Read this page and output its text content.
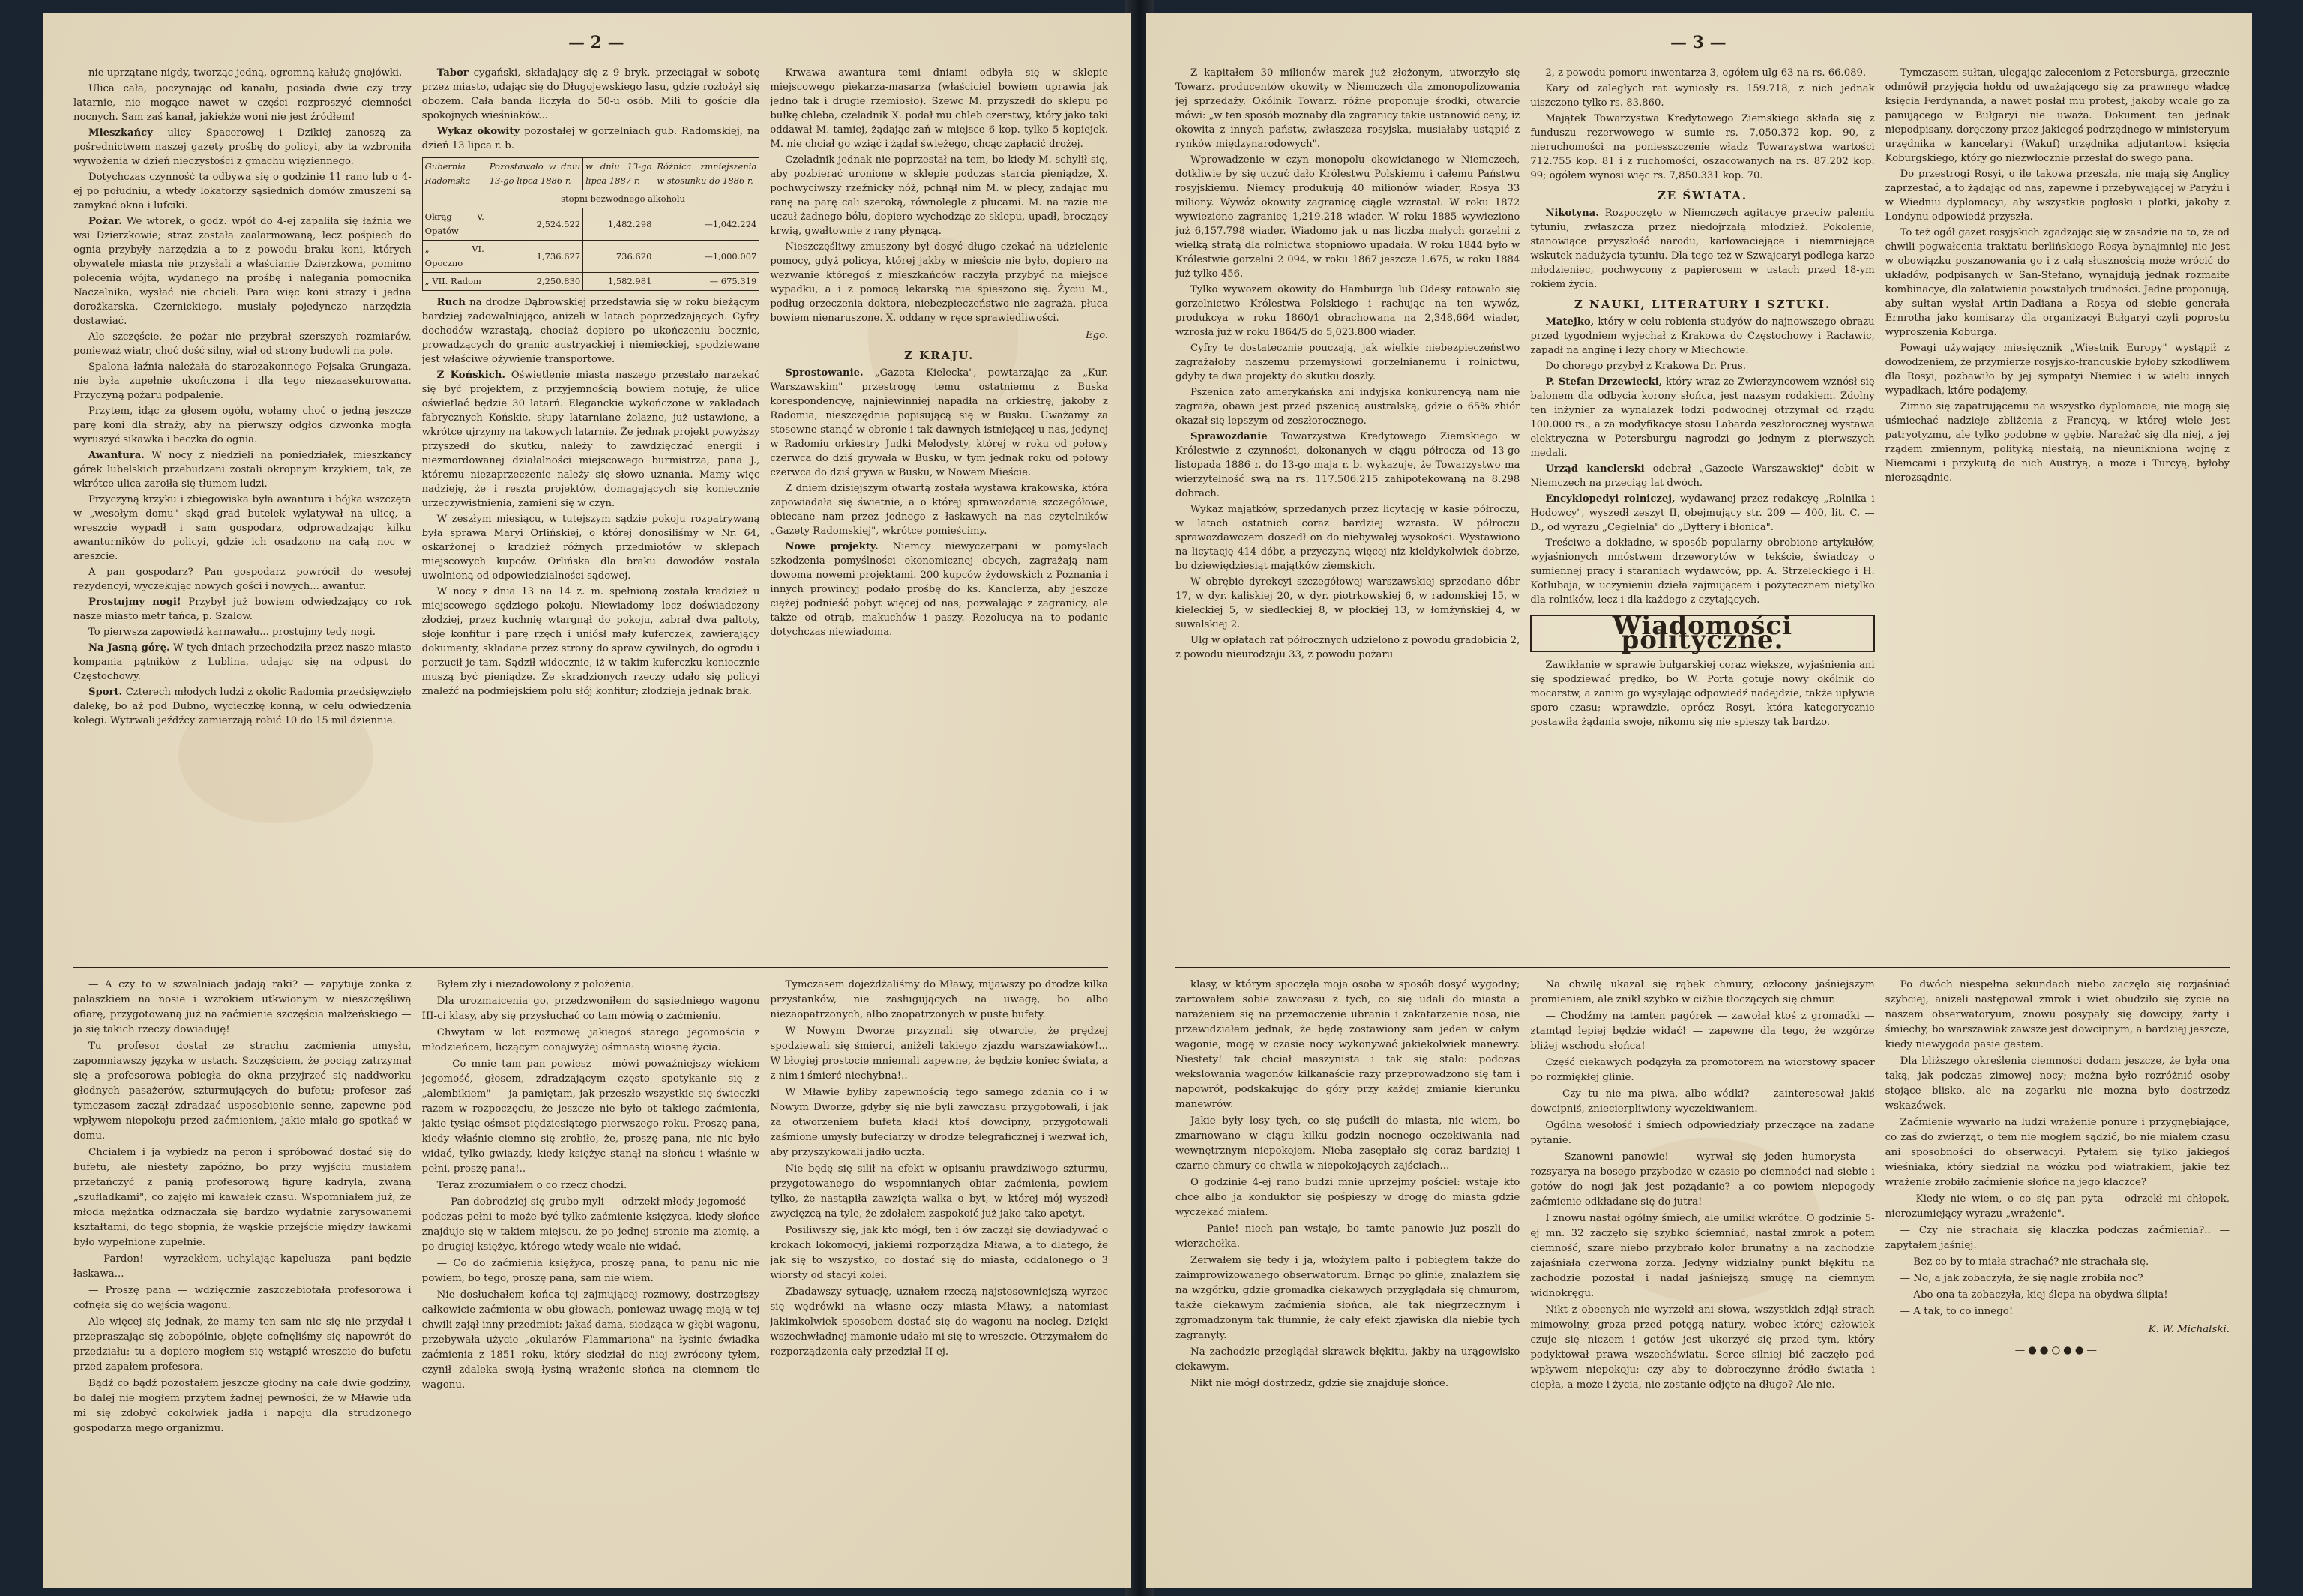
— 2 —

nie uprzątane nigdy, tworząc jedną, ogromną kałużę gnojówki.

Ulica cała, poczynając od kanału, posiada dwie czy trzy latarnie, nie mogące nawet w części rozproszyć ciemności nocnych. Sam zaś kanał, jakiekże woni nie jest źródłem!

Mieszkańcy ulicy Spacerowej i Dzikiej zanoszą za pośrednictwem naszej gazety prośbę do policyi, aby ta wzbroniła wywożenia w dzień nieczystości z gmachu więziennego.

Dotychczas czynność ta odbywa się o godzinie 11 rano lub o 4-ej po południu, a wtedy lokatorzy sąsiednich domów zmuszeni są zamykać okna i lufciki.

Pożar. We wtorek, o godz. wpół do 4-ej zapaliła się łaźnia we wsi Dzierzkowie; straż została zaalarmowaną, lecz pośpiech do ognia przybyły narzędzia a to z powodu braku koni, których obywatele miasta nie przysłali a właścianie Dzierzkowa, pomimo polecenia wójta, wydanego na prośbę i nalegania pomocnika Naczelnika, wysłać nie chcieli. Para więc koni strazy i jedna dorożkarska, Czernickiego, musiały pojedynczo narzędzia dostawiać.

Ale szczęście, że pożar nie przybrał szerszych rozmiarów, ponieważ wiatr, choć dość silny, wiał od strony budowli na pole.

Spalona łaźnia należała do starozakonnego Pejsaka Grungaza, nie była zupełnie ukończona i dla tego niezaasekurowana. Przyczyną pożaru podpalenie.

Przytem, idąc za głosem ogółu, wołamy choć o jedną jeszcze parę koni dla straży, aby na pierwszy odgłos dzwonka mogła wyruszyć sikawka i beczka do ognia.

Awantura. W nocy z niedzieli na poniedziałek, mieszkańcy górek lubelskich przebudzeni zostali okropnym krzykiem, tak, że wkrótce ulica zaroiła się tłumem ludzi.

Przyczyną krzyku i zbiegowiska była awantura i bójka wszczęta w „wesołym domu" skąd grad butelek wylatywał na ulicę, a wreszcie wypadł i sam gospodarz, odprowadzając kilku awanturników do policyi, gdzie ich osadzono na całą noc w areszcie.

A pan gospodarz? Pan gospodarz powrócił do wesołej rezydencyi, wyczekując nowych gości i nowych... awantur.

Prostujmy nogi! Przybył już bowiem odwiedzający co rok nasze miasto metr tańca, p. Szalow.

To pierwsza zapowiedź karnawału... prostujmy tedy nogi.

Na Jasną górę. W tych dniach przechodziła przez nasze miasto kompania pątników z Lublina, udając się na odpust do Częstochowy.

Sport. Czterech młodych ludzi z okolic Radomia przedsięwzięło dalekę, bo aż pod Dubno, wycieczkę konną, w celu odwiedzenia kolegi. Wytrwali jeźdźcy zamierzają robić 10 do 15 mil dziennie.

Tabor cygański, składający się z 9 bryk, przeciągał w sobotę przez miasto, udając się do Długojewskiego lasu, gdzie rozłożył się obozem. Cała banda liczyła do 50-u osób. Mili to goście dla spokojnych wieśniaków...

Wykaz okowity pozostałej w gorzelniach gub. Radomskiej, na dzień 13 lipca r. b.

Gubernia Radomska	Pozostawało w dniu 13-go lipca 1886 r.	w dniu 13-go lipca 1887 r.	Różnica zmniejszenia w stosunku do 1886 r.
	stopni bezwodnego alkoholu		
Okrąg V. Opatów	2,524.522	1,482.298	—1,042.224
„ VI. Opoczno	1,736.627	736.620	—1,000.007
„ VII. Radom	2,250.830	1,582.981	— 675.319

Ruch na drodze Dąbrowskiej przedstawia się w roku bieżącym bardziej zadowalniająco, aniżeli w latach poprzedzających. Cyfry dochodów wzrastają, chociaż dopiero po ukończeniu bocznic, prowadzących do granic austryackiej i niemieckiej, spodziewane jest właściwe ożywienie transportowe.

Z Końskich. Oświetlenie miasta naszego przestało narzekać się być projektem, z przyjemnością bowiem notuję, że ulice oświetlać będzie 30 latarń. Eleganckie wykończone w zakładach fabrycznych Końskie, słupy latarniane żelazne, już ustawione, a wkrótce ujrzymy na takowych latarnie. Że jednak projekt powyższy przyszedł do skutku, należy to zawdzięczać energii i niezmordowanej działalności miejscowego burmistrza, pana J., któremu niezaprzeczenie należy się słowo uznania. Mamy więc nadzieję, że i reszta projektów, domagających się koniecznie urzeczywistnienia, zamieni się w czyn.

W zeszłym miesiącu, w tutejszym sądzie pokoju rozpatrywaną była sprawa Maryi Orlińskiej, o której donosiliśmy w Nr. 64, oskarżonej o kradzież różnych przedmiotów w sklepach miejscowych kupców. Orlińska dla braku dowodów została uwolnioną od odpowiedzialności sądowej.

W nocy z dnia 13 na 14 z. m. spełnioną została kradzież u miejscowego sędziego pokoju. Niewiadomy lecz doświadczony złodziej, przez kuchnię wtargnął do pokoju, zabrał dwa paltoty, słoje konfitur i parę rzęch i uniósł mały kuferczek, zawierający dokumenty, składane przez strony do spraw cywilnych, do ogrodu i porzucił je tam. Sądził widocznie, iż w takim kuferczku koniecznie muszą być pieniądze. Ze skradzionych rzeczy udało się policyi znaleźć na podmiejskiem polu słój konfitur; złodzieja jednak brak.

Krwawa awantura temi dniami odbyła się w sklepie miejscowego piekarza-masarza (właściciel bowiem uprawia jak jedno tak i drugie rzemiosło). Szewc M. przyszedł do sklepu po bułkę chleba, czeladnik X. podał mu chleb czerstwy, który jako taki oddawał M. tamiej, żądając zań w miejsce 6 kop. tylko 5 kopiejek. M. nie chciał go wziąć i żądał świeżego, chcąc zapłacić drożej.

Czeladnik jednak nie poprzestał na tem, bo kiedy M. schylił się, aby pozbierać uronione w sklepie podczas starcia pieniądze, X. pochwyciwszy rzeźnicky nóż, pchnął nim M. w plecy, zadając mu ranę na parę cali szeroką, równoległe z płucami. M. na razie nie uczuł żadnego bólu, dopiero wychodząc ze sklepu, upadł, broczący krwią, gwałtownie z rany płynącą.

Nieszczęśliwy zmuszony był dosyć długo czekać na udzielenie pomocy, gdyż policya, której jakby w mieście nie było, dopiero na wezwanie któregoś z mieszkańców raczyła przybyć na miejsce wypadku, a i z pomocą lekarską nie śpieszono się. Życiu M., podług orzeczenia doktora, niebezpieczeństwo nie zagraża, płuca bowiem nienaruszone. X. oddany w ręce sprawiedliwości.

Ego.
Z KRAJU.

Sprostowanie. „Gazeta Kielecka", powtarzając za „Kur. Warszawskim" przestrogę temu ostatniemu z Buska korespondencyę, najniewinniej napadła na orkiestrę, jakoby z Radomia, nieszczędnie popisującą się w Busku. Uważamy za stosowne stanąć w obronie i tak dawnych istniejącej u nas, jedynej w Radomiu orkiestry Judki Melodysty, której w roku od połowy czerwca do dziś grywała w Busku, w tym jednak roku od połowy czerwca do dziś grywa w Busku, w Nowem Mieście.

Z dniem dzisiejszym otwartą została wystawa krakowska, która zapowiadała się świetnie, a o której sprawozdanie szczegółowe, obiecane nam przez jednego z łaskawych na nas czytelników „Gazety Radomskiej", wkrótce pomieścimy.

Nowe projekty. Niemcy niewyczerpani w pomysłach szkodzenia pomyślności ekonomicznej obcych, zagrażają nam dowoma nowemi projektami. 200 kupców żydowskich z Poznania i innych prowincyj podało prośbę do ks. Kanclerza, aby jeszcze ciężej podnieść pobyt więcej od nas, pozwalając z zagranicy, ale także od otrąb, makuchów i paszy. Rezolucya na to podanie dotychczas niewiadoma.

— A czy to w szwalniach jadają raki? — zapytuje żonka z pałaszkiem na nosie i wzrokiem utkwionym w nieszczęśliwą ofiarę, przygotowaną już na zaćmienie szczęścia małżeńskiego — ja się takich rzeczy dowiaduję!

Tu profesor dostał ze strachu zaćmienia umysłu, zapomniawszy języka w ustach. Szczęściem, że pociąg zatrzymał się a profesorowa pobiegła do okna przyjrzeć się naddworku głodnych pasażerów, szturmujących do bufetu; profesor zaś tymczasem zaczął zdradzać usposobienie senne, zapewne pod wpływem niepokoju przed zaćmieniem, jakie miało go spotkać w domu.

Chciałem i ja wybiedz na peron i spróbować dostać się do bufetu, ale niestety zapóźno, bo przy wyjściu musiałem przetańczyć z panią profesorową figurę kadryla, zwaną „szufladkami", co zajęło mi kawałek czasu. Wspomniałem już, że młoda mężatka odznaczała się bardzo wydatnie zarysowanemi kształtami, do tego stopnia, że wąskie przejście między ławkami było wypełnione zupełnie.

— Pardon! — wyrzekłem, uchylając kapelusza — pani będzie łaskawa...

— Proszę pana — wdzięcznie zaszczebiotała profesorowa i cofnęła się do wejścia wagonu.

Ale więcej się jednak, że mamy ten sam nic się nie przydał i przepraszając się zobopólnie, objęte cofnęliśmy się napowrót do przedziału: tu a dopiero mogłem się wstąpić wreszcie do bufetu przed zapałem profesora.

Bądź co bądź pozostałem jeszcze głodny na całe dwie godziny, bo dalej nie mogłem przytem żadnej pewności, że w Mławie uda mi się zdobyć cokolwiek jadła i napoju dla strudzonego gospodarza mego organizmu.

Byłem zły i niezadowolony z położenia.

Dla urozmaicenia go, przedzwoniłem do sąsiedniego wagonu III-ci klasy, aby się przysłuchać co tam mówią o zaćmieniu.

Chwytam w lot rozmowę jakiegoś starego jegomościa z młodzieńcem, liczącym conajwyżej ośmnastą wiosnę życia.

— Co mnie tam pan powiesz — mówi powaźniejszy wiekiem jegomość, głosem, zdradzającym często spotykanie się z „alembikiem" — ja pamiętam, jak przeszło wszystkie się świeczki razem w rozpoczęciu, że jeszcze nie było ot takiego zaćmienia, jakie tysiąc ośmset piędziesiątego pierwszego roku. Proszę pana, kiedy właśnie ciemno się zrobiło, że, proszę pana, nie nic było widać, tylko gwiazdy, kiedy księżyc stanął na słońcu i właśnie w pełni, proszę pana!..

Teraz zrozumiałem o co rzecz chodzi.

— Pan dobrodziej się grubo myli — odrzekł młody jegomość — podczas pełni to może być tylko zaćmienie księżyca, kiedy słońce znajduje się w takiem miejscu, że po jednej stronie ma ziemię, a po drugiej księżyc, którego wtedy wcale nie widać.

— Co do zaćmienia księżyca, proszę pana, to panu nic nie powiem, bo tego, proszę pana, sam nie wiem.

Nie dosłuchałem końca tej zajmującej rozmowy, dostrzegłszy całkowicie zaćmienia w obu głowach, ponieważ uwagę moją w tej chwili zajął inny przedmiot: jakaś dama, siedząca w głębi wagonu, przebywała użycie „okularów Flammariona" na łysinie świadka zaćmienia z 1851 roku, który siedział do niej zwrócony tyłem, czynił zdaleka swoją łysiną wrażenie słońca na ciemnem tle wagonu.

Tymczasem dojeżdżaliśmy do Mławy, mijawszy po drodze kilka przystanków, nie zasługujących na uwagę, bo albo niezaopatrzonych, albo zaopatrzonych w puste bufety.

W Nowym Dworze przyznali się otwarcie, że prędzej spodziewali się śmierci, aniżeli takiego zjazdu warszawiaków!... W błogiej prostocie mniemali zapewne, że będzie koniec świata, a z nim i śmierć niechybna!..

W Mławie byliby zapewnością tego samego zdania co i w Nowym Dworze, gdyby się nie byli zawczasu przygotowali, i jak za otworzeniem bufeta kładł ktoś dowcipny, przygotowali zaśmione umysły bufeciarzy w drodze telegraficznej i wezwał ich, aby przyszykowali jadło uczta.

Nie będę się silił na efekt w opisaniu prawdziwego szturmu, przygotowanego do wspomnianych obiar zaćmienia, powiem tylko, że nastąpiła zawzięta walka o byt, w której mój wyszedł zwycięzcą na tyle, że zdołałem zaspokoić już jako tako apetyt.

Posiliwszy się, jak kto mógł, ten i ów zaczął się dowiadywać o krokach lokomocyi, jakiemi rozporządza Mława, a to dlatego, że jak się to wszystko, co dostać się do miasta, oddalonego o 3 wiorsty od stacyi kolei.

Zbadawszy sytuację, uznałem rzeczą najstosowniejszą wyrzec się wędrówki na własne oczy miasta Mławy, a natomiast jakimkolwiek sposobem dostać się do wagonu na nocleg. Dzięki wszechwładnej mamonie udało mi się to wreszcie. Otrzymałem do rozporządzenia cały przedział II-ej.

— 3 —

Z kapitałem 30 milionów marek już złożonym, utworzyło się Towarz. producentów okowity w Niemczech dla zmonopolizowania jej sprzedaży. Okólnik Towarz. różne proponuje środki, otwarcie mówi: „w ten sposób możnaby dla zagranicy takie ustanowić ceny, iż okowita z innych państw, zwłaszcza rosyjska, musiałaby ustąpić z rynków międzynarodowych".

Wprowadzenie w czyn monopolu okowicianego w Niemczech, dotkliwie by się uczuć dało Królestwu Polskiemu i całemu Państwu rosyjskiemu. Niemcy produkują 40 milionów wiader, Rosya 33 miliony. Wywóz okowity zagranicę ciągle wzrastał. W roku 1872 wywieziono zagranicę 1,219.218 wiader. W roku 1885 wywieziono już 6,157.798 wiader. Wiadomo jak u nas liczba małych gorzelni z wielką stratą dla rolnictwa stopniowo upadała. W roku 1844 było w Królestwie gorzelni 2 094, w roku 1867 jeszcze 1.675, w roku 1884 już tylko 456.

Tylko wywozem okowity do Hamburga lub Odesy ratowało się gorzelnictwo Królestwa Polskiego i rachując na ten wywóz, produkcya w roku 1860/1 obrachowana na 2,348,664 wiader, wzrosła już w roku 1864/5 do 5,023.800 wiader.

Cyfry te dostatecznie pouczają, jak wielkie niebezpieczeństwo zagrażałoby naszemu przemysłowi gorzelnianemu i rolnictwu, gdyby te dwa projekty do skutku doszły.

Pszenica zato amerykańska ani indyjska konkurencyą nam nie zagraża, obawa jest przed pszenicą australską, gdzie o 65% zbiór okazał się lepszym od zeszłorocznego.

Sprawozdanie Towarzystwa Kredytowego Ziemskiego w Królestwie z czynności, dokonanych w ciągu półrocza od 13-go listopada 1886 r. do 13-go maja r. b. wykazuje, że Towarzystwo ma wierzytelność swą na rs. 117.506.215 zahipotekowaną na 8.298 dobrach.

Wykaz majątków, sprzedanych przez licytację w kasie półroczu, w latach ostatnich coraz bardziej wzrasta. W półroczu sprawozdawczem doszedł on do niebywałej wysokości. Wystawiono na licytację 414 dóbr, a przyczyną więcej niż kieldykolwiek dobrze, bo dziewiędziesiąt majątków ziemskich.

W obrębie dyrekcyi szczegółowej warszawskiej sprzedano dóbr 17, w dyr. kaliskiej 20, w dyr. piotrkowskiej 6, w radomskiej 15, w kieleckiej 5, w siedleckiej 8, w płockiej 13, w łomżyńskiej 4, w suwalskiej 2.

Ulg w opłatach rat półrocznych udzielono z powodu gradobicia 2, z powodu nieurodzaju 33, z powodu pożaru

2, z powodu pomoru inwentarza 3, ogółem ulg 63 na rs. 66.089.

Kary od zaległych rat wyniosły rs. 159.718, z nich jednak uiszczono tylko rs. 83.860.

Majątek Towarzystwa Kredytowego Ziemskiego składa się z funduszu rezerwowego w sumie rs. 7,050.372 kop. 90, z nieruchomości na poniesszczenie władz Towarzystwa wartości 712.755 kop. 81 i z ruchomości, oszacowanych na rs. 87.202 kop. 99; ogółem wynosi więc rs. 7,850.331 kop. 70.

ZE ŚWIATA.

Nikotyna. Rozpoczęto w Niemczech agitacye przeciw paleniu tytuniu, zwłaszcza przez niedojrzałą młodzież. Pokolenie, stanowiące przyszłość narodu, karłowaciejące i niemrniejące wskutek nadużycia tytuniu. Dla tego też w Szwajcaryi podlega karze młodzieniec, pochwycony z papierosem w ustach przed 18-ym rokiem życia.

Z NAUKI, LITERATURY I SZTUKI.

Matejko, który w celu robienia studyów do najnowszego obrazu przed tygodniem wyjechał z Krakowa do Częstochowy i Racławic, zapadł na anginę i leży chory w Miechowie.

Do chorego przybył z Krakowa Dr. Prus.

P. Stefan Drzewiecki, który wraz ze Zwierzyncowem wznósł się balonem dla odbycia korony słońca, jest nazsym rodakiem. Zdolny ten inżynier za wynalazek łodzi podwodnej otrzymał od rządu 100.000 rs., a za modyfikacye stosu Labarda zeszłorocznej wystawa elektryczna w Petersburgu nagrodzi go jednym z pierwszych medali.

Urząd kanclerski odebrał „Gazecie Warszawskiej" debit w Niemczech na przeciąg lat dwóch.

Encyklopedyi rolniczej, wydawanej przez redakcyę „Rolnika i Hodowcy", wyszedł zeszyt II, obejmujący str. 209 — 400, lit. C. — D., od wyrazu „Cegielnia" do „Dyftery i błonica".

Treściwe a dokładne, w sposób popularny obrobione artykułów, wyjaśnionych mnóstwem drzeworytów w tekście, świadczy o sumiennej pracy i staraniach wydawców, pp. A. Strzeleckiego i H. Kotlubaja, w uczynieniu dzieła zajmującem i pożytecznem nietylko dla rolników, lecz i dla każdego z czytających.

Wiadomości polityczne.

Zawikłanie w sprawie bułgarskiej coraz większe, wyjaśnienia ani się spodziewać prędko, bo W. Porta gotuje nowy okólnik do mocarstw, a zanim go wysyłając odpowiedź nadejdzie, także upływie sporo czasu; wprawdzie, oprócz Rosyi, która kategorycznie postawiła żądania swoje, nikomu się nie spieszy tak bardzo.

Tymczasem sułtan, ulegając zaleceniom z Petersburga, grzecznie odmówił przyjęcia hołdu od uważającego się za prawnego władcę księcia Ferdynanda, a nawet posłał mu protest, jakoby wcale go za panującego w Bułgaryi nie uważa. Dokument ten jednak niepodpisany, doręczony przez jakiegoś podrzędnego w ministeryum urzędnika w kancelaryi (Wakuf) urzędnika adjutantowi księcia Koburgskiego, który go niezwłocznie przesłał do swego pana.

Do przestrogi Rosyi, o ile takowa przeszła, nie mają się Anglicy zaprzestać, a to żądając od nas, zapewne i przebywającej w Paryżu i w Wiedniu dyplomacyi, aby wszystkie pogłoski i plotki, jakoby z Londynu odpowiedź przyszła.

To też ogół gazet rosyjskich zgadzając się w zasadzie na to, że od chwili pogwałcenia traktatu berlińskiego Rosya bynajmniej nie jest w obowiązku poszanowania go i z całą słusznością może wrócić do układów, podpisanych w San-Stefano, wynajdują jednak rozmaite kombinacye, dla załatwienia powstałych trudności. Jedne proponują, aby sułtan wysłał Artin-Dadiana a Rosya od siebie generała Ernrotha jako komisarzy dla organizacyi Bułgaryi czyli poprostu wyproszenia Koburga.

Powagi używający miesięcznik „Wiestnik Europy" wystąpił z dowodzeniem, że przymierze rosyjsko-francuskie byłoby szkodliwem dla Rosyi, pozbawiło by jej sympatyi Niemiec i w wielu innych wypadkach, które podajemy.

Zimno się zapatrującemu na wszystko dyplomacie, nie mogą się uśmiechać nadzieje zbliżenia z Francyą, w której wiele jest patryotyzmu, ale tylko podobne w gębie. Narażać się dla niej, z jej rządem zmiennym, polityką niestałą, na nieunikniona wojnę z Niemcami i przykutą do nich Austryą, a może i Turcyą, byłoby nierozsądnie.

klasy, w którym spoczęła moja osoba w sposób dosyć wygodny; zartowałem sobie zawczasu z tych, co się udali do miasta a narażeniem się na przemoczenie ubrania i zakatarzenie nosa, nie przewidziałem jednak, że będę zostawiony sam jeden w całym wagonie, mogę w czasie nocy wykonywać jakiekolwiek manewry. Niestety! tak chciał maszynista i tak się stało: podczas wekslowania wagonów kilkanaście razy przeprowadzono się tam i napowrót, podskakując do góry przy każdej zmianie kierunku manewrów.

Jakie były losy tych, co się puścili do miasta, nie wiem, bo zmarnowano w ciągu kilku godzin nocnego oczekiwania nad wewnętrznym niepokojem. Nieba zasępiało się coraz bardziej i czarne chmury co chwila w niepokojących zajściach...

O godzinie 4-ej rano budzi mnie uprzejmy pościel: wstaje kto chce albo ja konduktor się pośpieszy w drogę do miasta gdzie wyczekać miałem.

— Panie! niech pan wstaje, bo tamte panowie już poszli do wierzchołka.

Zerwałem się tedy i ja, włożyłem palto i pobiegłem także do zaimprowizowanego obserwatorum. Brnąc po glinie, znalazłem się na wzgórku, gdzie gromadka ciekawych przyglądała się chmurom, także ciekawym zaćmienia słońca, ale tak niegrzecznym i zgromadzonym tak tłumnie, że cały efekt zjawiska dla niebie tych zagranyły.

Na zachodzie przeglądał skrawek błękitu, jakby na urągowisko ciekawym.

Nikt nie mógł dostrzedz, gdzie się znajduje słońce.

Na chwilę ukazał się rąbek chmury, ozłocony jaśniejszym promieniem, ale znikł szybko w ciżbie tłoczących się chmur.

— Chodźmy na tamten pagórek — zawołał ktoś z gromadki — ztamtąd lepiej będzie widać! — zapewne dla tego, że wzgórze bliżej wschodu słońca!

Część ciekawych podążyła za promotorem na wiorstowy spacer po rozmiękłej glinie.

— Czy tu nie ma piwa, albo wódki? — zainteresował jakiś dowcipniś, zniecierpliwiony wyczekiwaniem.

Ogólna wesołość i śmiech odpowiedziały przeczące na zadane pytanie.

— Szanowni panowie! — wyrwał się jeden humorysta — rozsyarya na bosego przybodze w czasie po ciemności nad siebie i gotów do nogi jak jest pożądanie? a co powiem niepogody zaćmienie odkładane się do jutra!

I znowu nastał ogólny śmiech, ale umilkł wkrótce. O godzinie 5-ej mn. 32 zaczęło się szybko ściemniać, nastał zmrok a potem ciemność, szare niebo przybrało kolor brunatny a na zachodzie zajaśniała czerwona zorza. Jedyny widzialny punkt błękitu na zachodzie pozostał i nadał jaśniejszą smugę na ciemnym widnokręgu.

Nikt z obecnych nie wyrzekł ani słowa, wszystkich zdjął strach mimowolny, groza przed potęgą natury, wobec której człowiek czuje się niczem i gotów jest ukorzyć się przed tym, który podyktował prawa wszechświatu. Serce silniej bić zaczęło pod wpływem niepokoju: czy aby to dobroczynne źródło światła i ciepła, a może i życia, nie zostanie odjęte na długo? Ale nie.

Po dwóch niespełna sekundach niebo zaczęło się rozjaśniać szybciej, aniżeli następował zmrok i wiet obudziło się życie na naszem obserwatoryum, znowu posypały się dowcipy, żarty i śmiechy, bo warszawiak zawsze jest dowcipnym, a bardziej jeszcze, kiedy niewygoda pasie gestem.

Dla bliższego określenia ciemności dodam jeszcze, że była ona taką, jak podczas zimowej nocy; można było rozróżnić osoby stojące blisko, ale na zegarku nie można było dostrzedz wskazówek.

Zaćmienie wywarło na ludzi wrażenie ponure i przygnębiające, co zaś do zwierząt, o tem nie mogłem sądzić, bo nie miałem czasu ani sposobności do obserwacyi. Pytałem się tylko jakiegoś wieśniaka, który siedział na wózku pod wiatrakiem, jakie też wrażenie zrobiło zaćmienie słońce na jego klaczce?

— Kiedy nie wiem, o co się pan pyta — odrzekł mi chłopek, nierozumiejący wyrazu „wrażenie".

— Czy nie strachała się klaczka podczas zaćmienia?.. — zapytałem jaśniej.

— Bez co by to miała strachać? nie strachała się.

— No, a jak zobaczyła, że się nagle zrobiła noc?

— Abo ona ta zobaczyła, kiej ślepa na obydwa ślipia!

— A tak, to co innego!

K. W. Michalski.
—●●○●●—
